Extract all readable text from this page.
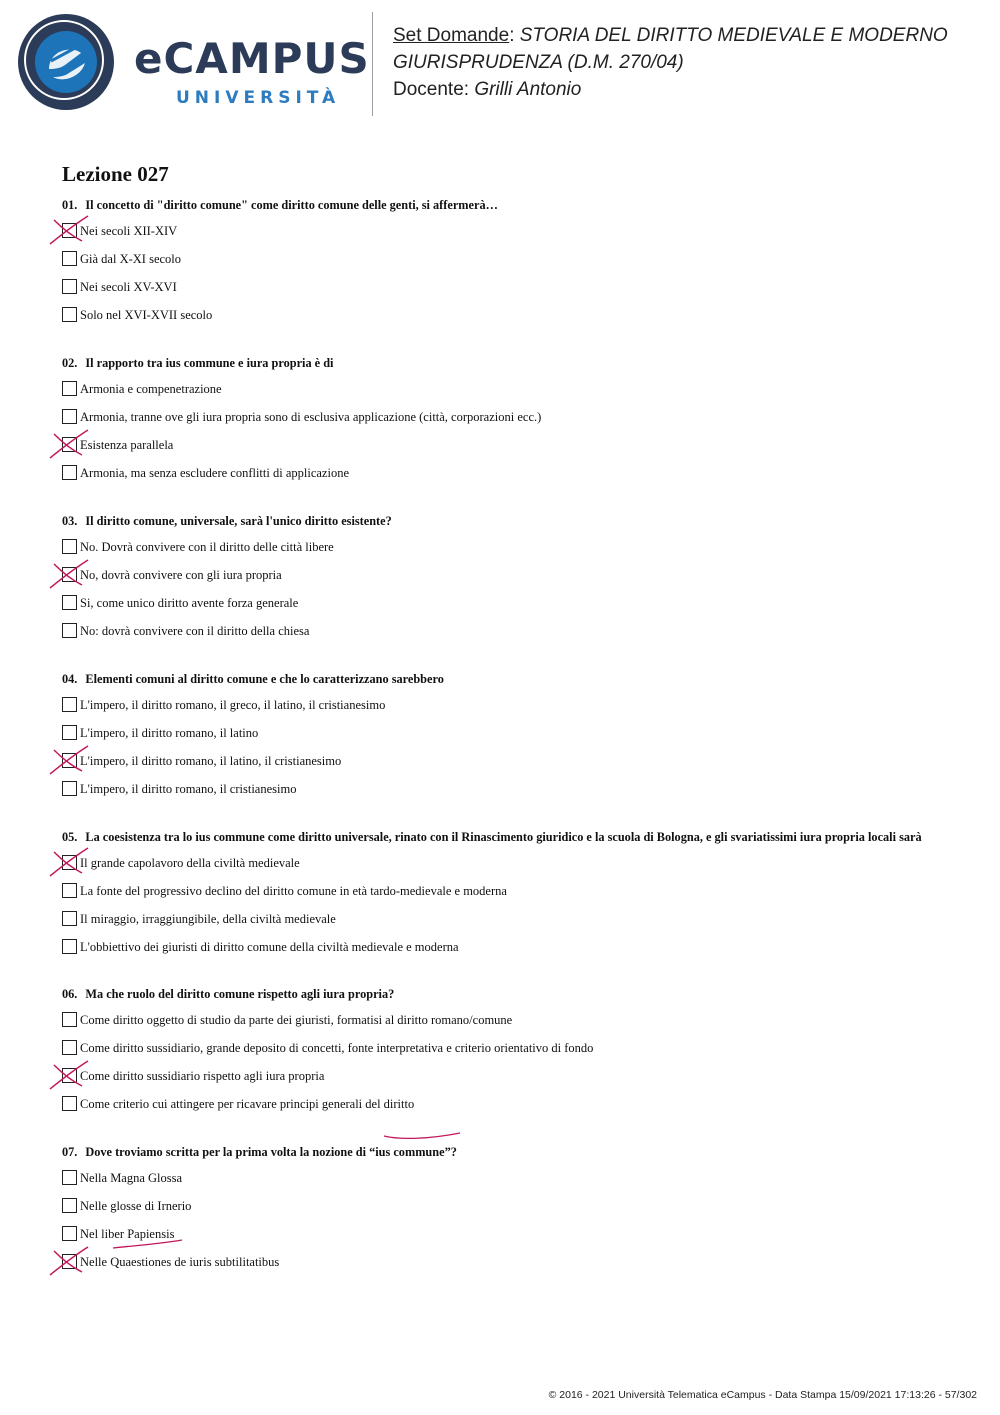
eCAMPUS
UNIVERSITÀ
Set Domande: STORIA DEL DIRITTO MEDIEVALE E MODERNO
GIURISPRUDENZA (D.M. 270/04)
Docente: Grilli Antonio
Lezione 027
01. Il concetto di "diritto comune" come diritto comune delle genti, si affermerà…
Nei secoli XII-XIV
Già dal X-XI secolo
Nei secoli XV-XVI
Solo nel XVI-XVII secolo
02. Il rapporto tra ius commune e iura propria è di
Armonia e compenetrazione
Armonia, tranne ove gli iura propria sono di esclusiva applicazione (città, corporazioni ecc.)
Esistenza parallela
Armonia, ma senza escludere conflitti di applicazione
03. Il diritto comune, universale, sarà l'unico diritto esistente?
No. Dovrà convivere con il diritto delle città libere
No, dovrà convivere con gli iura propria
Si, come unico diritto avente forza generale
No: dovrà convivere con il diritto della chiesa
04. Elementi comuni al diritto comune e che lo caratterizzano sarebbero
L'impero, il diritto romano, il greco, il latino, il cristianesimo
L'impero, il diritto romano, il latino
L'impero, il diritto romano, il latino, il cristianesimo
L'impero, il diritto romano, il cristianesimo
05. La coesistenza tra lo ius commune come diritto universale, rinato con il Rinascimento giuridico e la scuola di Bologna, e gli svariatissimi iura propria locali sarà
Il grande capolavoro della civiltà medievale
La fonte del progressivo declino del diritto comune in età tardo-medievale e moderna
Il miraggio, irraggiungibile, della civiltà medievale
L'obbiettivo dei giuristi di diritto comune della civiltà medievale e moderna
06. Ma che ruolo del diritto comune rispetto agli iura propria?
Come diritto oggetto di studio da parte dei giuristi, formatisi al diritto romano/comune
Come diritto sussidiario, grande deposito di concetti, fonte interpretativa e criterio orientativo di fondo
Come diritto sussidiario rispetto agli iura propria
Come criterio cui attingere per ricavare principi generali del diritto
07. Dove troviamo scritta per la prima volta la nozione di “ius commune”?
Nella Magna Glossa
Nelle glosse di Irnerio
Nel liber Papiensis
Nelle Quaestiones de iuris subtilitatibus
© 2016 - 2021 Università Telematica eCampus - Data Stampa 15/09/2021 17:13:26 - 57/302
